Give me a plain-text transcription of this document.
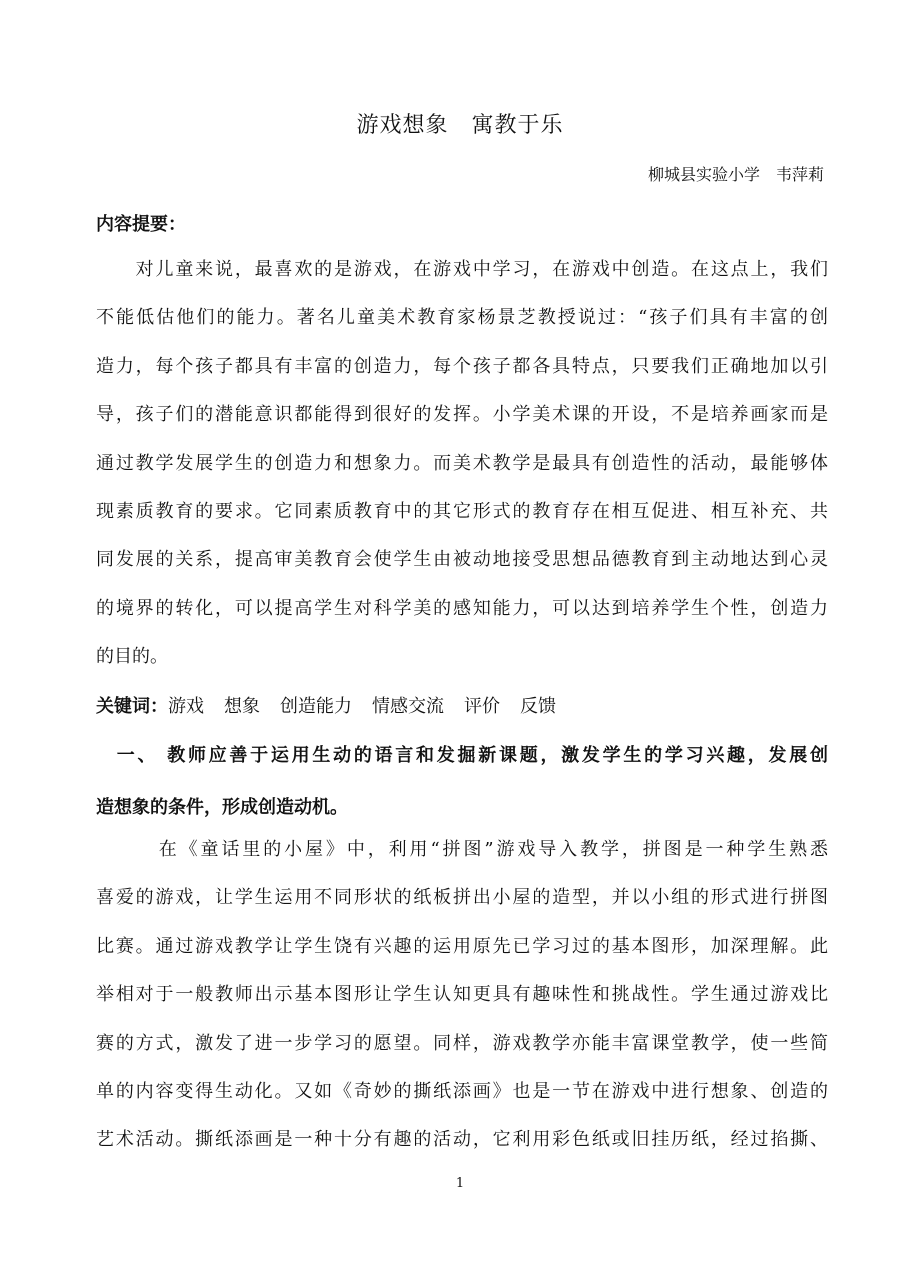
游戏想象　寓教于乐
柳城县实验小学　韦萍莉
内容提要：
　　对儿童来说，最喜欢的是游戏，在游戏中学习，在游戏中创造。在这点上，我们
不能低估他们的能力。著名儿童美术教育家杨景芝教授说过：“孩子们具有丰富的创
造力，每个孩子都具有丰富的创造力，每个孩子都各具特点，只要我们正确地加以引
导，孩子们的潜能意识都能得到很好的发挥。小学美术课的开设，不是培养画家而是
通过教学发展学生的创造力和想象力。而美术教学是最具有创造性的活动，最能够体
现素质教育的要求。它同素质教育中的其它形式的教育存在相互促进、相互补充、共
同发展的关系，提高审美教育会使学生由被动地接受思想品德教育到主动地达到心灵
的境界的转化，可以提高学生对科学美的感知能力，可以达到培养学生个性，创造力
的目的。
关键词：游戏 想象 创造能力 情感交流 评价 反馈
　一、 教师应善于运用生动的语言和发掘新课题，激发学生的学习兴趣，发展创
造想象的条件，形成创造动机。
　　　在《童话里的小屋》中，利用“拼图”游戏导入教学，拼图是一种学生熟悉
喜爱的游戏，让学生运用不同形状的纸板拼出小屋的造型，并以小组的形式进行拼图
比赛。通过游戏教学让学生饶有兴趣的运用原先已学习过的基本图形，加深理解。此
举相对于一般教师出示基本图形让学生认知更具有趣味性和挑战性。学生通过游戏比
赛的方式，激发了进一步学习的愿望。同样，游戏教学亦能丰富课堂教学，使一些简
单的内容变得生动化。又如《奇妙的撕纸添画》也是一节在游戏中进行想象、创造的
艺术活动。撕纸添画是一种十分有趣的活动，它利用彩色纸或旧挂历纸，经过掐撕、
1
